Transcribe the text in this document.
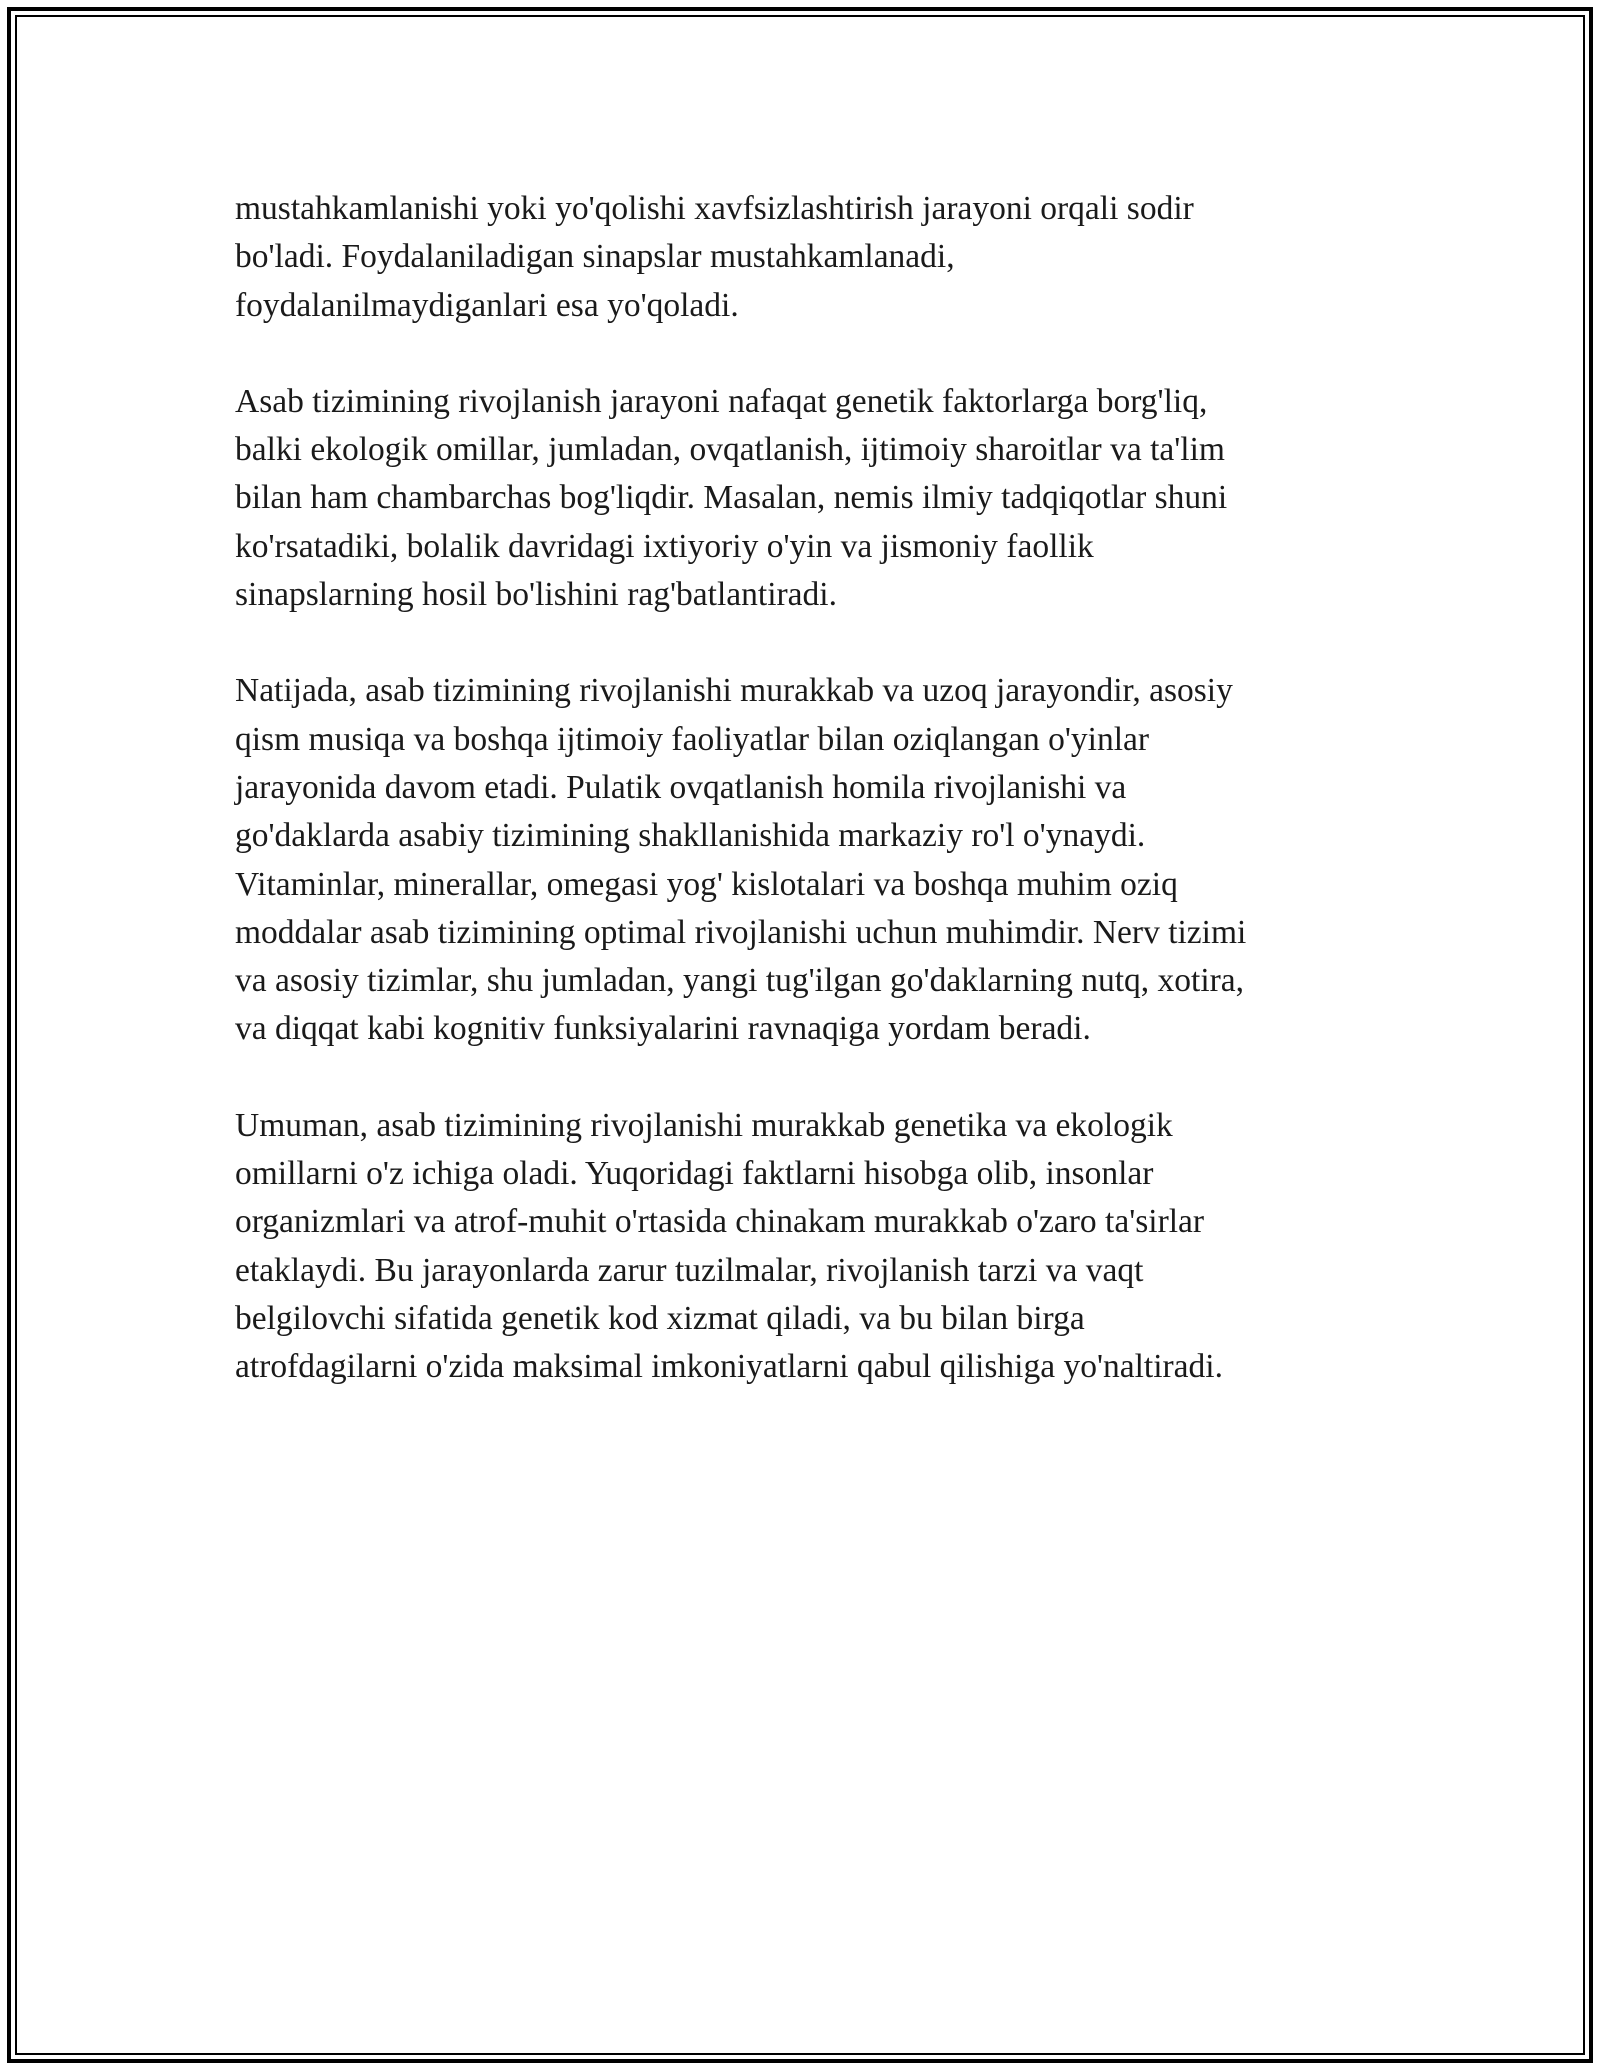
mustahkamlanishi yoki yo'qolishi xavfsizlashtirish jarayoni orqali sodir
bo'ladi. Foydalaniladigan sinapslar mustahkamlanadi,
foydalanilmaydiganlari esa yo'qoladi.

Asab tizimining rivojlanish jarayoni nafaqat genetik faktorlarga borg'liq,
balki ekologik omillar, jumladan, ovqatlanish, ijtimoiy sharoitlar va ta'lim
bilan ham chambarchas bog'liqdir. Masalan, nemis ilmiy tadqiqotlar shuni
ko'rsatadiki, bolalik davridagi ixtiyoriy o'yin va jismoniy faollik
sinapslarning hosil bo'lishini rag'batlantiradi.

Natijada, asab tizimining rivojlanishi murakkab va uzoq jarayondir, asosiy
qism musiqa va boshqa ijtimoiy faoliyatlar bilan oziqlangan o'yinlar
jarayonida davom etadi. Pulatik ovqatlanish homila rivojlanishi va
go'daklarda asabiy tizimining shakllanishida markaziy ro'l o'ynaydi.
Vitaminlar, minerallar, omegasi yog' kislotalari va boshqa muhim oziq
moddalar asab tizimining optimal rivojlanishi uchun muhimdir. Nerv tizimi
va asosiy tizimlar, shu jumladan, yangi tug'ilgan go'daklarning nutq, xotira,
va diqqat kabi kognitiv funksiyalarini ravnaqiga yordam beradi.

Umuman, asab tizimining rivojlanishi murakkab genetika va ekologik
omillarni o'z ichiga oladi. Yuqoridagi faktlarni hisobga olib, insonlar
organizmlari va atrof-muhit o'rtasida chinakam murakkab o'zaro ta'sirlar
etaklaydi. Bu jarayonlarda zarur tuzilmalar, rivojlanish tarzi va vaqt
belgilovchi sifatida genetik kod xizmat qiladi, va bu bilan birga
atrofdagilarni o'zida maksimal imkoniyatlarni qabul qilishiga yo'naltiradi.
